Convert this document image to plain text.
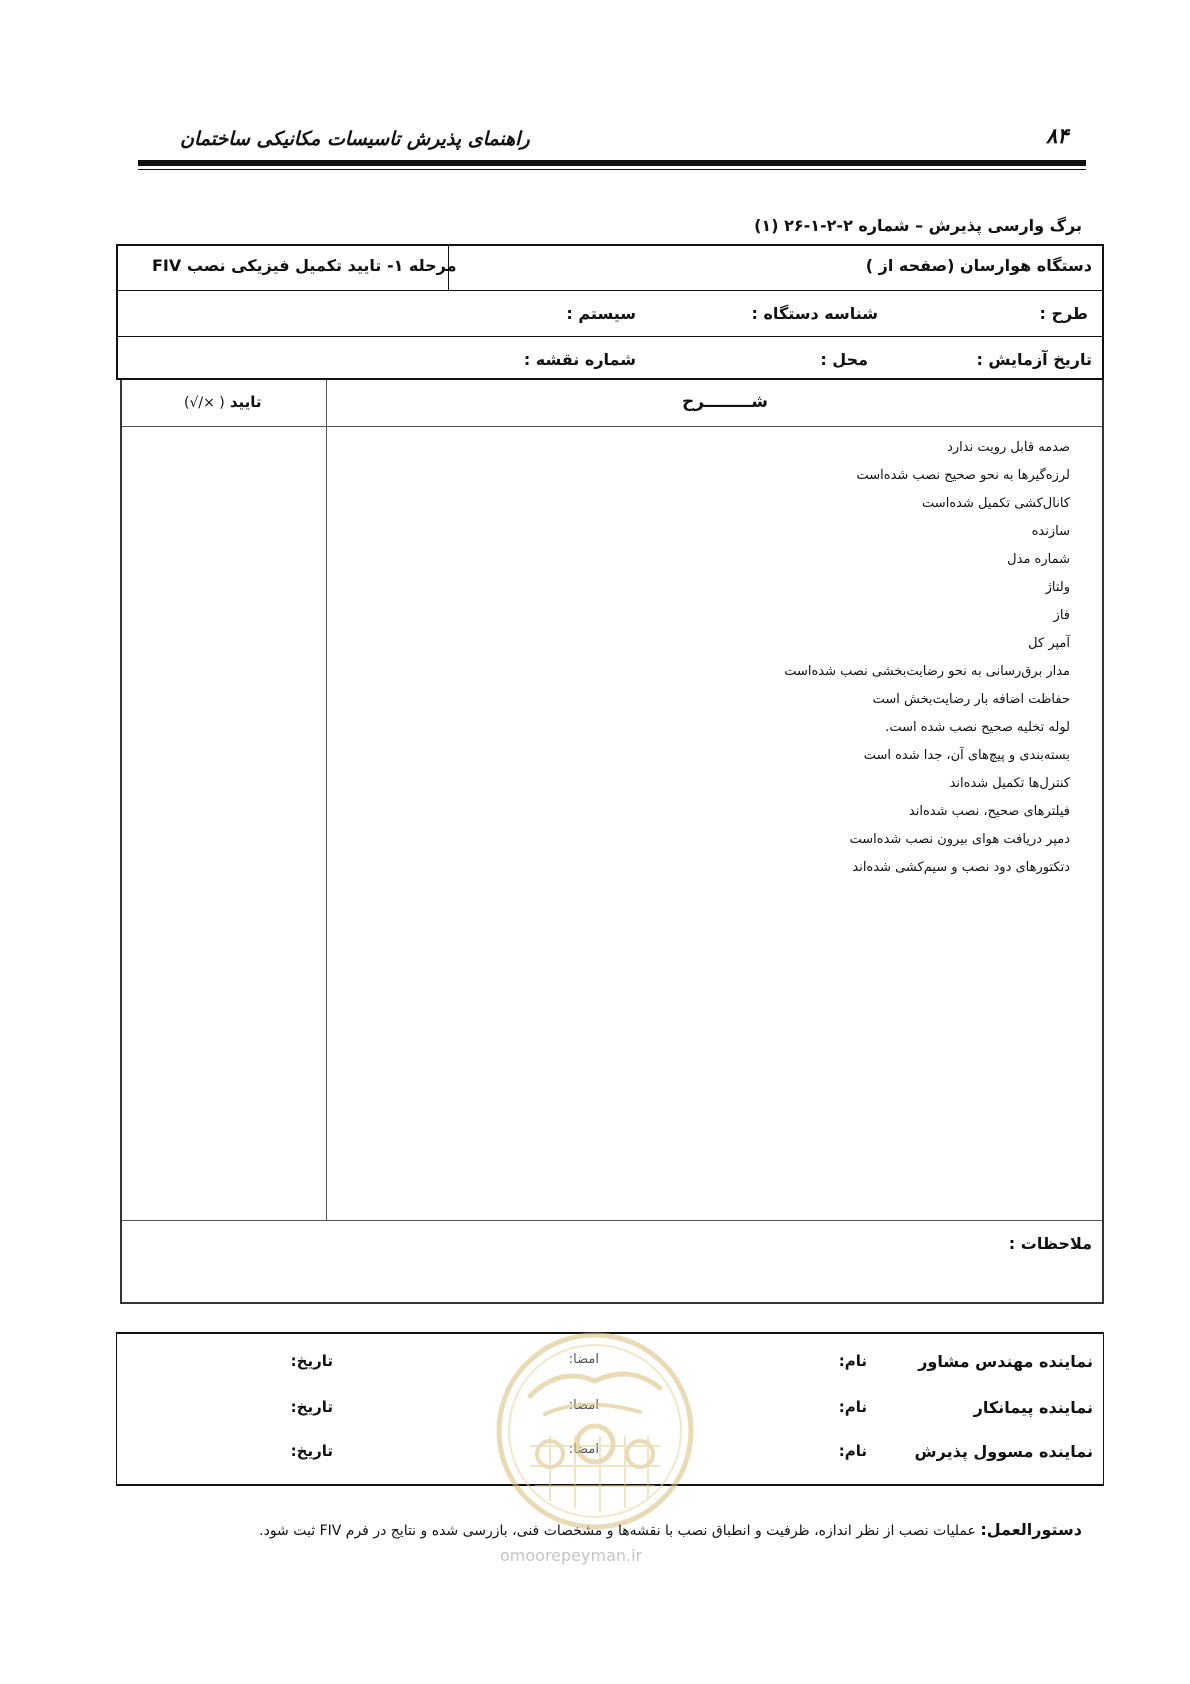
۸۴
راهنمای پذیرش تاسیسات مکانیکی ساختمان
برگ وارسی پذیرش – شماره ۲-۲-۱-۲۶ (۱)
دستگاه هوارسان (صفحه از )
مرحله ۱- تایید تکمیل فیزیکی نصب FIV
طرح :
شناسه دستگاه :
سیستم :
تاریخ آزمایش :
محل :
شماره نقشه :
شــــــــرح
تایید ( ×/√)
ملاحظات :
صدمه قابل رویت ندارد
لرزه‌گیرها به نحو صحیح نصب شده‌است
کانال‌کشی تکمیل شده‌است
سازنده
شماره مدل
ولتاژ
فاز
آمپر کل
مدار برق‌رسانی به نحو رضایت‌بخشی نصب شده‌است
حفاظت اضافه بار رضایت‌بخش است
لوله تخلیه صحیح نصب شده است.
بسته‌بندی و پیچ‌های آن، جدا شده است
کنترل‌ها تکمیل شده‌اند
فیلترهای صحیح، نصب شده‌اند
دمپر دریافت هوای بیرون نصب شده‌است
دتکتورهای دود نصب و سیم‌کشی شده‌اند
نماینده مهندس مشاور
نام:
امضا:
تاریخ:
نماینده پیمانکار
نام:
امضا:
تاریخ:
نماینده مسوول پذیرش
نام:
امضا:
تاریخ:
omoorepeyman.ir
دستورالعمل: عملیات نصب از نظر اندازه، ظرفیت و انطباق نصب با نقشه‌ها و مشخصات فنی، بازرسی شده و نتایج در فرم FIV ثبت شود.
